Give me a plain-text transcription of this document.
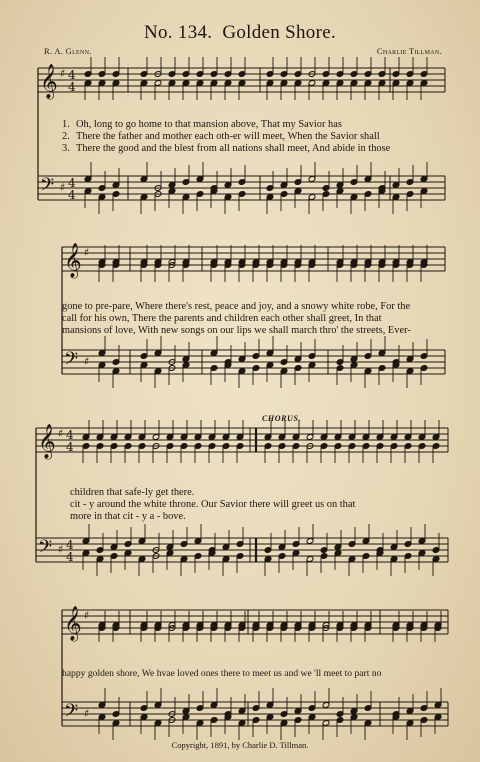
No. 134. Golden Shore.
R. A. Glenn.	Charlie Tillman.
𝄞
𝄢
♯
♯
4
4
4
4
𝄞
𝄢
♯
♯
𝄞
𝄢
♯
♯
4
4
4
4
𝄞
𝄢
♯
♯
1. Oh, long to go home to that mansion above, That my Savior has
2. There the father and mother each oth-er will meet, When the Savior shall
3. There the good and the blest from all nations shall meet, And abide in those
gone to pre-pare, Where there's rest, peace and joy, and a snowy white robe, For the
call for his own, There the parents and children each other shall greet, In that
mansions of love, With new songs on our lips we shall march thro' the streets, Ever-
CHORUS.
children that safe-ly get there.
cit - y around the white throne. Our Savior there will greet us on that
more in that cit - y a - bove.
happy golden shore, We hvae loved ones there to meet us and we 'll meet to part no
Copyright, 1891, by Charlie D. Tillman.
